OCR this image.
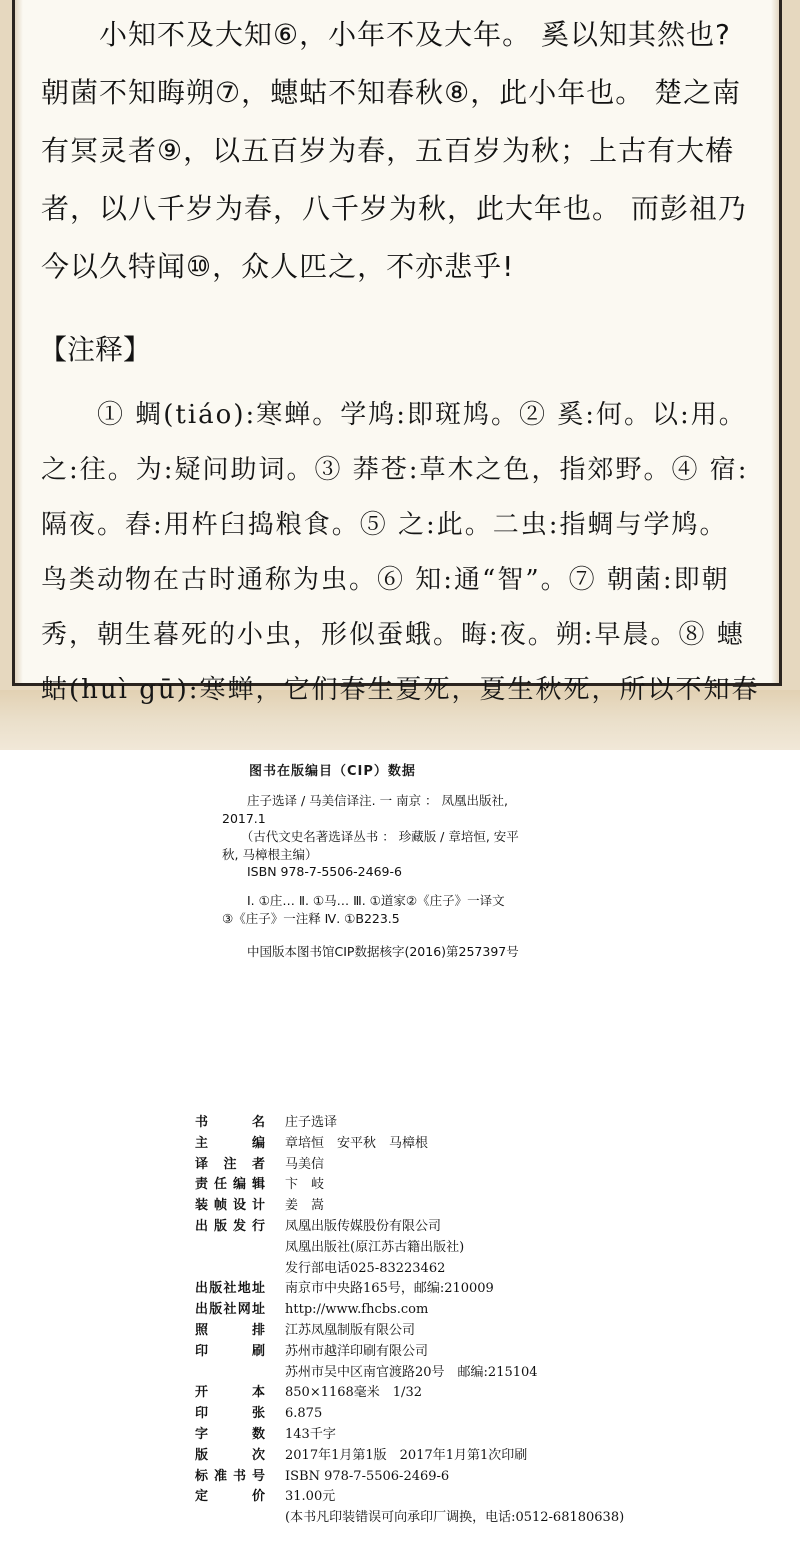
　　小知不及大知⑥，小年不及大年。 奚以知其然也?
朝菌不知晦朔⑦，蟪蛄不知春秋⑧，此小年也。 楚之南
有冥灵者⑨，以五百岁为春，五百岁为秋；上古有大椿
者，以八千岁为春，八千岁为秋，此大年也。 而彭祖乃
今以久特闻⑩，众人匹之，不亦悲乎!
【注释】
　　① 蜩(tiáo):寒蝉。学鸠:即斑鸠。② 奚:何。以:用。
之:往。为:疑问助词。③ 莽苍:草木之色，指郊野。④ 宿:
隔夜。舂:用杵臼捣粮食。⑤ 之:此。二虫:指蜩与学鸠。
鸟类动物在古时通称为虫。⑥ 知:通“智”。⑦ 朝菌:即朝
秀，朝生暮死的小虫，形似蚕蛾。晦:夜。朔:早晨。⑧ 蟪
蛄(huì gū):寒蝉，它们春生夏死，夏生秋死，所以不知春
图书在版编目（CIP）数据
　　庄子选译 / 马美信译注. 一 南京 ： 凤凰出版社,
2017.1
　　（古代文史名著选译丛书 ： 珍藏版 / 章培恒, 安平
秋, 马樟根主编）
　　ISBN 978-7-5506-2469-6
　　Ⅰ. ①庄… Ⅱ. ①马… Ⅲ. ①道家②《庄子》一译文
③《庄子》一注释 Ⅳ. ①B223.5
　　中国版本图书馆CIP数据核字(2016)第257397号
书	名 庄子选译
主	编 章培恒　安平秋　马樟根
译 注 者 马美信
责 任 编 辑 卞　岐
装 帧 设 计 姜　嵩
出 版 发 行 凤凰出版传媒股份有限公司
凤凰出版社(原江苏古籍出版社)
发行部电话025-83223462
出 版 社 地 址 南京市中央路165号，邮编:210009
出 版 社 网 址 http://www.fhcbs.com
照	排 江苏凤凰制版有限公司
印	刷 苏州市越洋印刷有限公司
苏州市吴中区南官渡路20号　邮编:215104
开	本 850×1168毫米　1/32
印	张 6.875
字	数 143千字
版	次 2017年1月第1版　2017年1月第1次印刷
标 准 书 号 ISBN 978-7-5506-2469-6
定	价 31.00元
(本书凡印装错误可向承印厂调换，电话:0512-68180638)
